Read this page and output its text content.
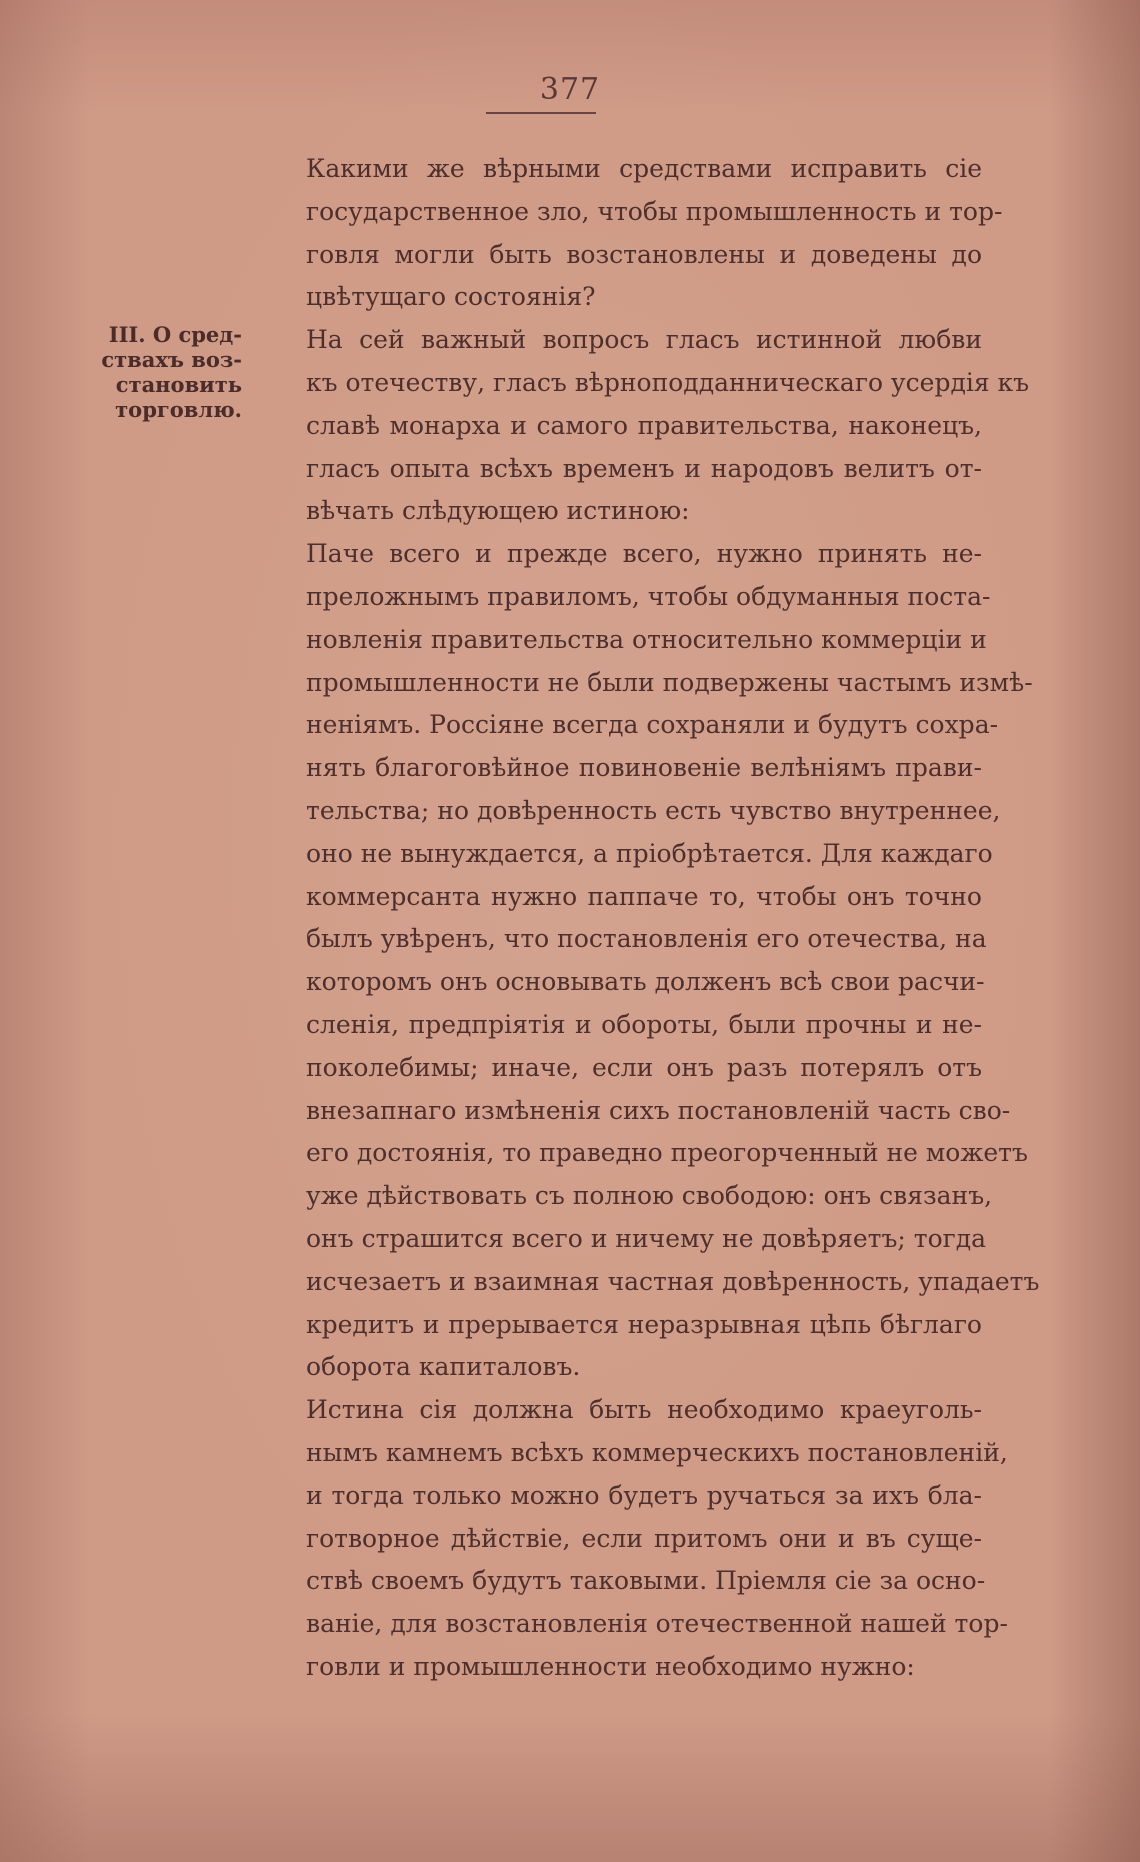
377
III. О сред-
ствахъ воз-
становить
торговлю.

Какими же вѣрными средствами исправить сіе
государственное зло, чтобы промышленность и тор-
говля могли быть возстановлены и доведены до
цвѣтущаго состоянія?

На сей важный вопросъ гласъ истинной любви
къ отечеству, гласъ вѣрноподданническаго усердія къ
славѣ монарха и самого правительства, наконецъ,
гласъ опыта всѣхъ временъ и народовъ велитъ от-
вѣчать слѣдующею истиною:

Паче всего и прежде всего, нужно принять не-
преложнымъ правиломъ, чтобы обдуманныя поста-
новленія правительства относительно коммерціи и
промышленности не были подвержены частымъ измѣ-
неніямъ. Россіяне всегда сохраняли и будутъ сохра-
нять благоговѣйное повиновеніе велѣніямъ прави-
тельства; но довѣренность есть чувство внутреннее,
оно не вынуждается, а пріобрѣтается. Для каждаго
коммерсанта нужно паппаче то, чтобы онъ точно
былъ увѣренъ, что постановленія его отечества, на
которомъ онъ основывать долженъ всѣ свои расчи-
сленія, предпріятія и обороты, были прочны и не-
поколебимы; иначе, если онъ разъ потерялъ отъ
внезапнаго измѣненія сихъ постановленій часть сво-
его достоянія, то праведно преогорченный не можетъ
уже дѣйствовать съ полною свободою: онъ связанъ,
онъ страшится всего и ничему не довѣряетъ; тогда
исчезаетъ и взаимная частная довѣренность, упадаетъ
кредитъ и прерывается неразрывная цѣпь бѣглаго
оборота капиталовъ.

Истина сія должна быть необходимо краеуголь-
нымъ камнемъ всѣхъ коммерческихъ постановленій,
и тогда только можно будетъ ручаться за ихъ бла-
готворное дѣйствіе, если притомъ они и въ суще-
ствѣ своемъ будутъ таковыми. Пріемля сіе за осно-
ваніе, для возстановленія отечественной нашей тор-
говли и промышленности необходимо нужно:
